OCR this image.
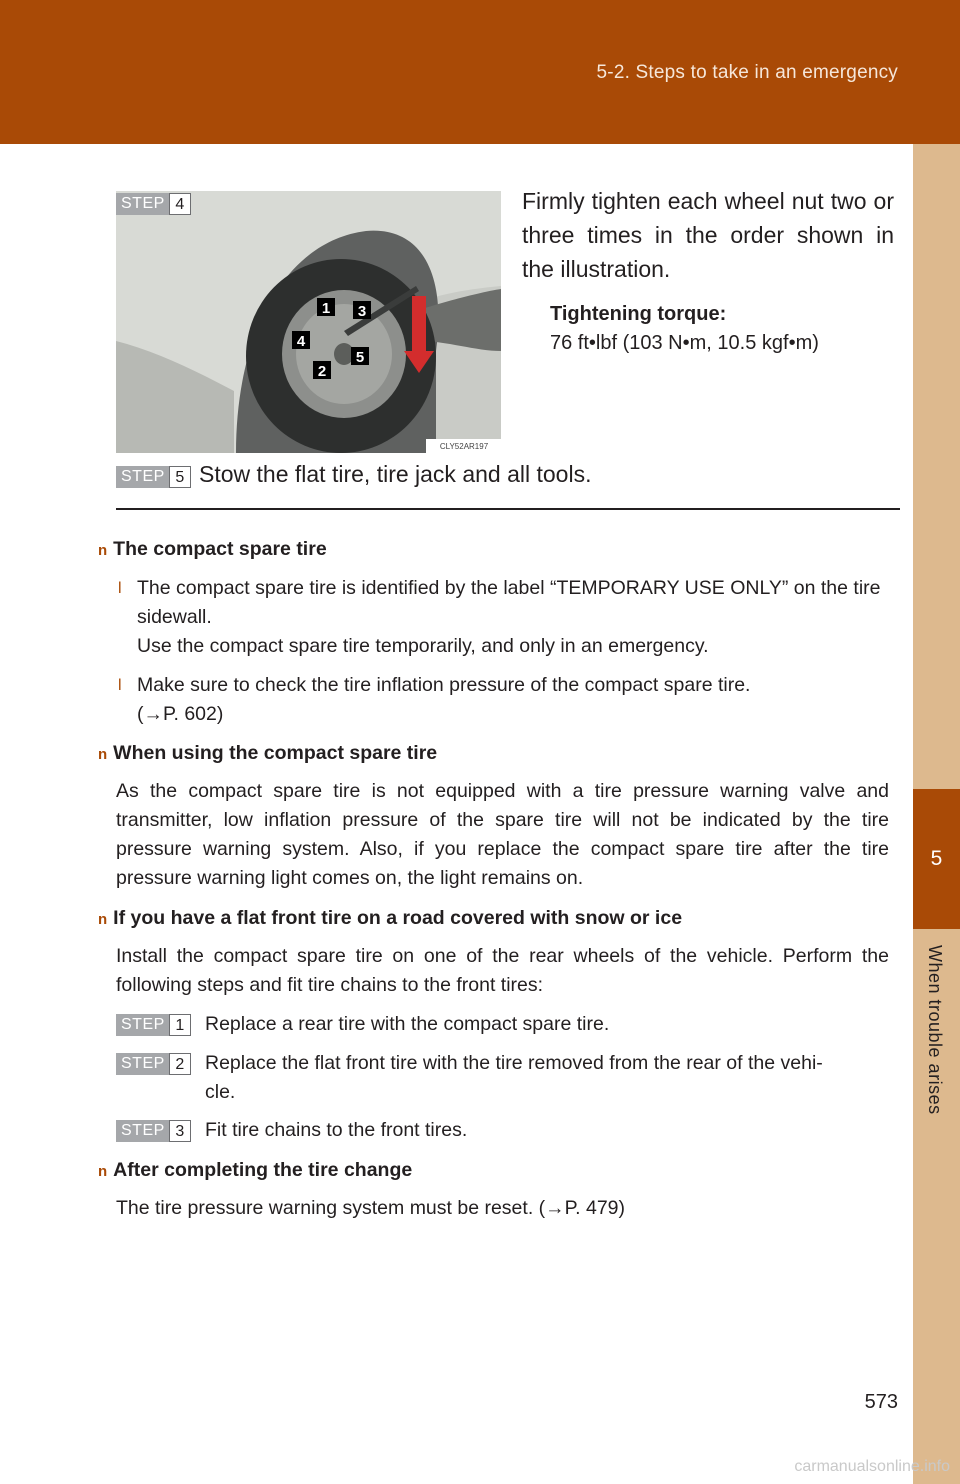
5-2. Steps to take in an emergency
5
When trouble arises
CLY52AR197
1
2
3
4
5
STEP 4	Firmly tighten each wheel nut two or three times in the order shown in the illustration.
Tightening torque:
76 ft•lbf (103 N•m, 10.5 kgf•m)
STEP 5 Stow the flat tire, tire jack and all tools.
n The compact spare tire
l The compact spare tire is identified by the label “TEMPORARY USE ONLY” on the tire sidewall.
Use the compact spare tire temporarily, and only in an emergency.
l Make sure to check the tire inflation pressure of the compact spare tire.
(→P. 602)
n When using the compact spare tire
As the compact spare tire is not equipped with a tire pressure warning valve and transmitter, low inflation pressure of the spare tire will not be indicated by the tire pressure warning system. Also, if you replace the compact spare tire after the tire pressure warning light comes on, the light remains on.
n If you have a flat front tire on a road covered with snow or ice
Install the compact spare tire on one of the rear wheels of the vehicle. Perform the following steps and fit tire chains to the front tires:
STEP 1	Replace a rear tire with the compact spare tire.
STEP 2	Replace the flat front tire with the tire removed from the rear of the vehi-
cle.
STEP 3	Fit tire chains to the front tires.
n After completing the tire change
The tire pressure warning system must be reset. (→P. 479)
573
carmanualsonline.info
